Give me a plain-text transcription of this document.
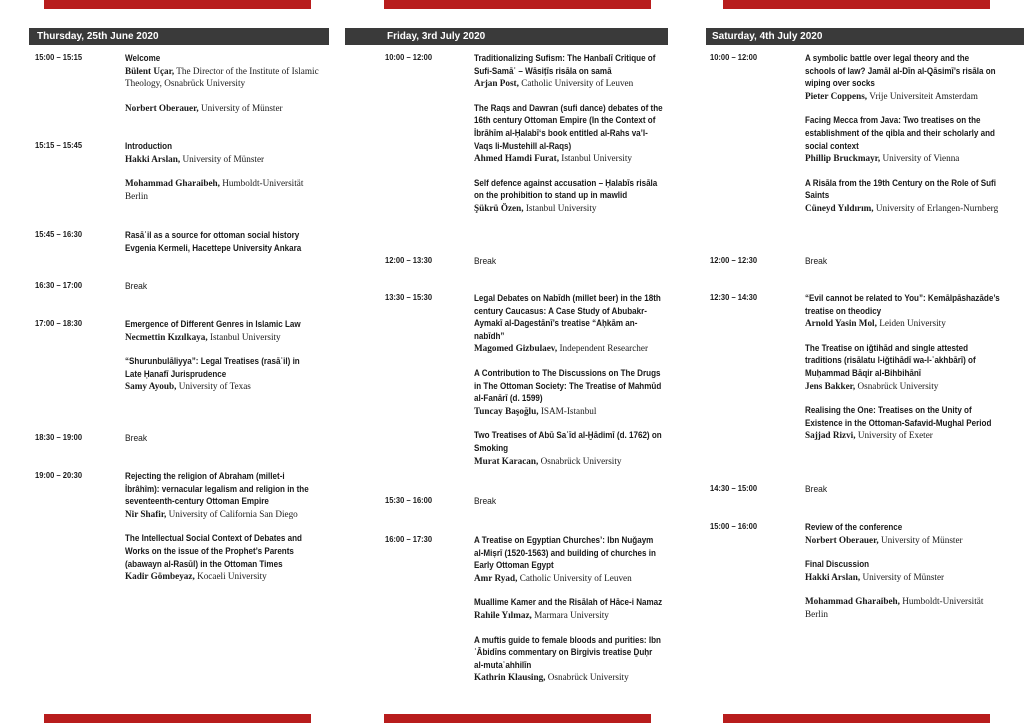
Thursday, 25th June 2020
15:00 – 15:15	Welcome
Bülent Uçar, The Director of the Institute of Islamic Theology, Osnabrück University
Norbert Oberauer, University of Münster
15:15 – 15:45	Introduction
Hakki Arslan, University of Münster
Mohammad Gharaibeh, Humboldt-Universität Berlin
15:45 – 16:30	Rasāʾil as a source for ottoman social history
Evgenia Kermeli, Hacettepe University Ankara
16:30 – 17:00	Break
17:00 – 18:30	Emergence of Different Genres in Islamic Law
Necmettin Kızılkaya, Istanbul University
“Shurunbulāliyya”: Legal Treatises (rasāʾil) in Late Ḥanafī Jurisprudence
Samy Ayoub, University of Texas
18:30 – 19:00	Break
19:00 – 20:30	Rejecting the religion of Abraham (millet-i İbrâhîm): vernacular legalism and religion in the seventeenth-century Ottoman Empire
Nir Shafir, University of California San Diego
The Intellectual Social Context of Debates and Works on the issue of the Prophet’s Parents (abawayn al-Rasūl) in the Ottoman Times
Kadir Gömbeyaz, Kocaeli University
Friday, 3rd July 2020
10:00 – 12:00	Traditionalizing Sufism: The Hanbalī Critique of Sufi-Samāʿ – Wāsiṭīs risāla on samā
Arjan Post, Catholic University of Leuven
The Raqs and Dawran (sufi dance) debates of the 16th century Ottoman Empire (In the Context of İbrāhīm al-Ḥalabī‘s book entitled al-Rahs va’l-Vaqs li-Mustehill al-Raqs)
Ahmed Hamdi Furat, Istanbul University
Self defence against accusation – Ḥalabīs risāla on the prohibition to stand up in mawlid
Şükrü Özen, Istanbul University
12:00 – 13:30	Break
13:30 – 15:30	Legal Debates on Nabīdh (millet beer) in the 18th century Caucasus: A Case Study of Abubakr- Aymakī al-Dagestānī’s treatise “Aḥkām an-nabīdh”
Magomed Gizbulaev, Independent Researcher
A Contribution to The Discussions on The Drugs in The Ottoman Society: The Treatise of Mahmūd al-Fanārī (d. 1599)
Tuncay Başoğlu, ISAM-Istanbul
Two Treatises of Abū Saʿīd al-Ḫādimī (d. 1762) on Smoking
Murat Karacan, Osnabrück University
15:30 – 16:00	Break
16:00 – 17:30	A Treatise on Egyptian Churches’: Ibn Nuǧaym al-Miṣrī (1520-1563) and building of churches in Early Ottoman Egypt
Amr Ryad, Catholic University of Leuven
Muallime Kamer and the Risālah of Hāce-i Namaz
Rahile Yılmaz, Marmara University
A muftis guide to female bloods and purities: Ibn ʿĀbidīns commentary on Birgivis treatise Ḏuḥr al-mutaʾahhilīn
Kathrin Klausing, Osnabrück University
Saturday, 4th July 2020
10:00 – 12:00	A symbolic battle over legal theory and the schools of law? Jamāl al-Dīn al-Qāsimī’s risāla on wiping over socks
Pieter Coppens, Vrije Universiteit Amsterdam
Facing Mecca from Java: Two treatises on the establishment of the qibla and their scholarly and social context
Phillip Bruckmayr, University of Vienna
A Risāla from the 19th Century on the Role of Sufi Saints
Cüneyd Yıldırım, University of Erlangen-Nurnberg
12:00 – 12:30	Break
12:30 – 14:30	“Evil cannot be related to You”: Kemālpāshazāde’s treatise on theodicy
Arnold Yasin Mol, Leiden University
The Treatise on iǧtihād and single attested traditions (risālatu l-iǧtihādī wa-l-ʾakhbārī) of Muḥammad Bāqir al-Bihbihānī
Jens Bakker, Osnabrück University
Realising the One: Treatises on the Unity of Existence in the Ottoman-Safavid-Mughal Period
Sajjad Rizvi, University of Exeter
14:30 – 15:00	Break
15:00 – 16:00	Review of the conference
Norbert Oberauer, University of Münster
Final Discussion
Hakki Arslan, University of Münster
Mohammad Gharaibeh, Humboldt-Universität Berlin
